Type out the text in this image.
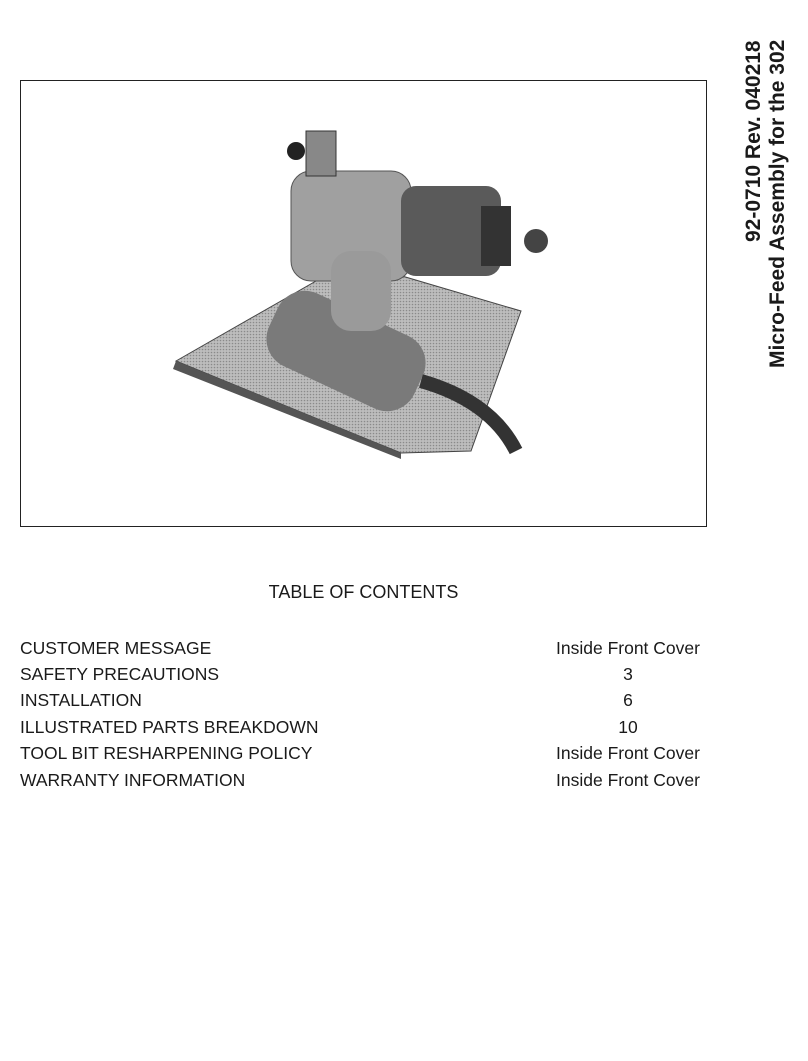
92-0710 Rev. 040218 Micro-Feed Assembly for the 302
TABLE OF CONTENTS
CUSTOMER MESSAGE	Inside Front Cover
SAFETY PRECAUTIONS	3
INSTALLATION	6
ILLUSTRATED PARTS BREAKDOWN	10
TOOL BIT RESHARPENING POLICY	Inside Front Cover
WARRANTY INFORMATION	Inside Front Cover
